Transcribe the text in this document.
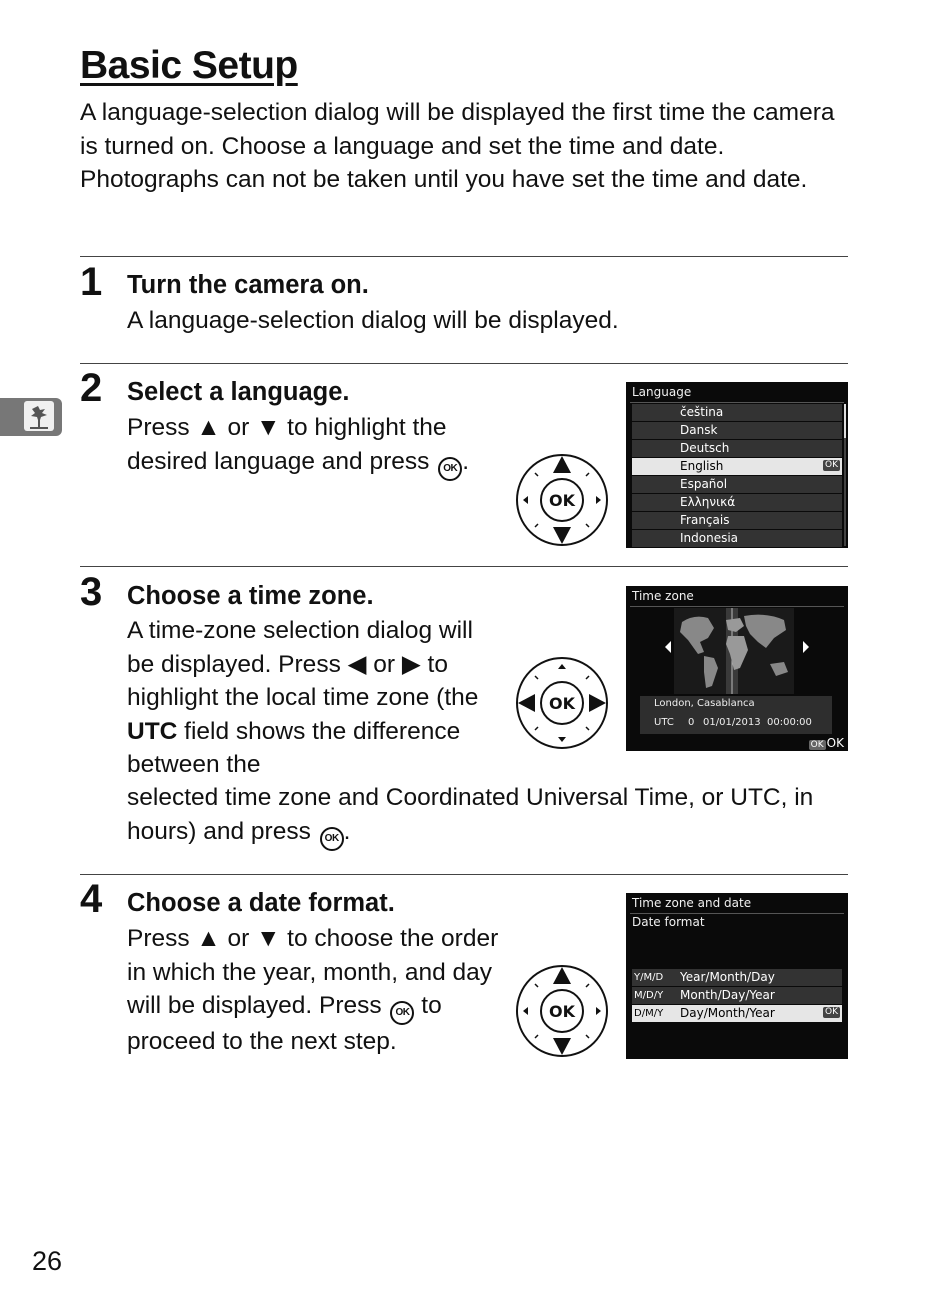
Basic Setup

A language-selection dialog will be displayed the first time the camera is turned on. Choose a language and set the time and date. Photographs can not be taken until you have set the time and date.

1 Turn the camera on.

A language-selection dialog will be displayed.

2 Select a language.

Press ▲ or ▼ to highlight the desired language and press OK .

OK
Language
čeština
Dansk
Deutsch
English	OK
Español
Ελληνικά
Français
Indonesia
3 Choose a time zone.

A time-zone selection dialog will be displayed. Press ◀ or ▶ to highlight the local time zone (the UTC field shows the difference between the

selected time zone and Coordinated Universal Time, or UTC, in hours) and press OK .

OK
Time zone
London, Casablanca
UTC 0 01/01/2013  00:00:00
OK OK
4 Choose a date format.

Press ▲ or ▼ to choose the order in which the year, month, and day will be displayed. Press OK to proceed to the next step.

OK
Time zone and date
Date format
Y/M/D Year/Month/Day
M/D/Y Month/Day/Year
D/M/Y Day/Month/Year	OK
26
